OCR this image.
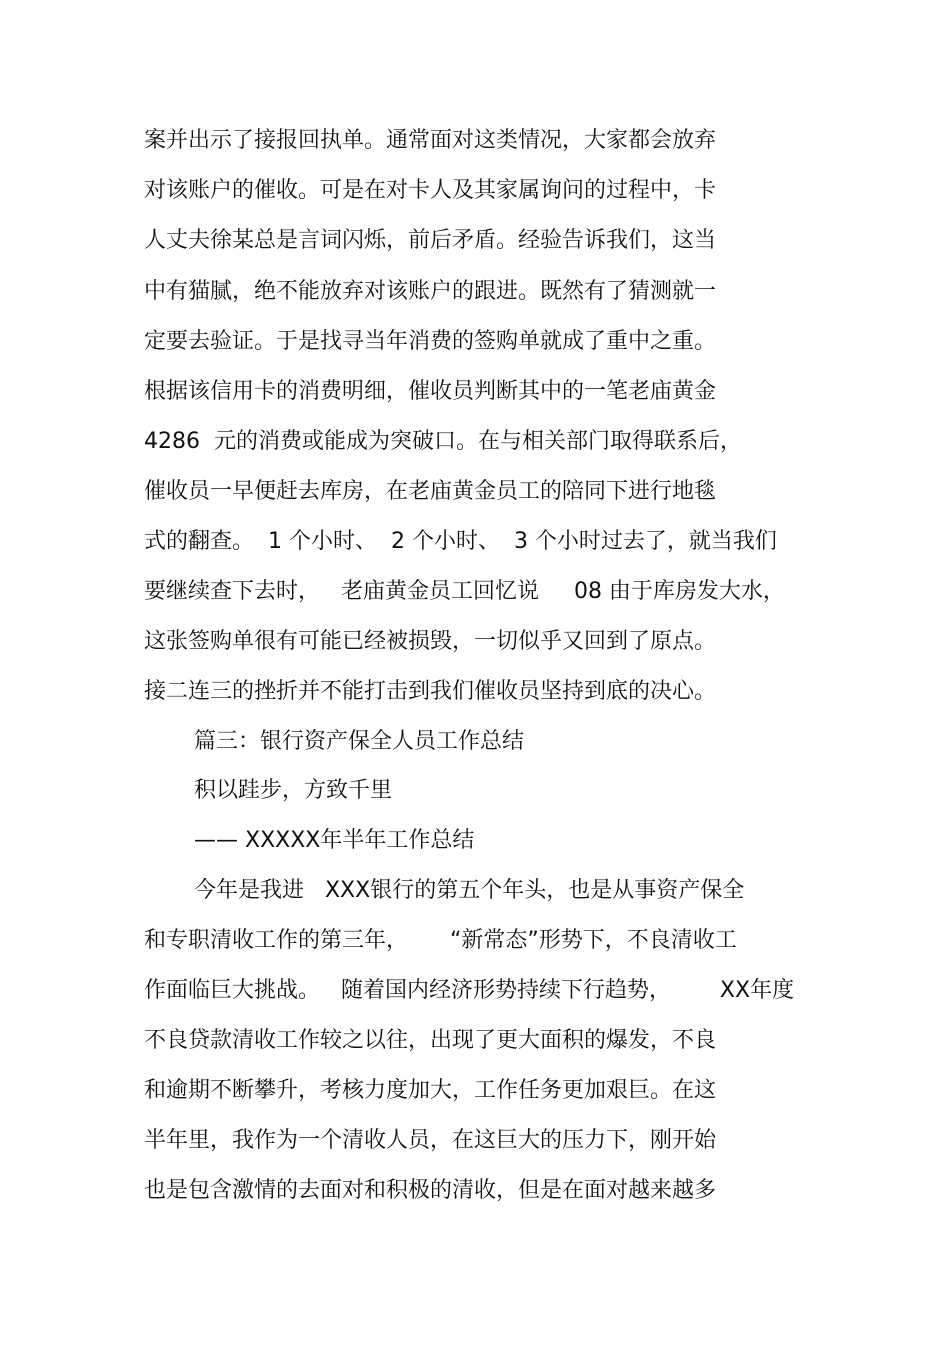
案并出示了接报回执单。通常面对这类情况，大家都会放弃
对该账户的催收。可是在对卡人及其家属询问的过程中，卡
人丈夫徐某总是言词闪烁，前后矛盾。经验告诉我们，这当
中有猫腻，绝不能放弃对该账户的跟进。既然有了猜测就一
定要去验证。于是找寻当年消费的签购单就成了重中之重。
根据该信用卡的消费明细，催收员判断其中的一笔老庙黄金
4286  元的消费或能成为突破口。在与相关部门取得联系后，
催收员一早便赶去库房，在老庙黄金员工的陪同下进行地毯
式的翻查。  1 个小时、  2 个小时、  3 个小时过去了，就当我们
要继续查下去时，   老庙黄金员工回忆说     08 由于库房发大水，
这张签购单很有可能已经被损毁，一切似乎又回到了原点。
接二连三的挫折并不能打击到我们催收员坚持到底的决心。
篇三：银行资产保全人员工作总结
积以跬步，方致千里
—— XXXXX年半年工作总结
今年是我进   XXX银行的第五个年头，也是从事资产保全
和专职清收工作的第三年，      “新常态”形势下，不良清收工
作面临巨大挑战。   随着国内经济形势持续下行趋势，       XX年度
不良贷款清收工作较之以往，出现了更大面积的爆发，不良
和逾期不断攀升，考核力度加大，工作任务更加艰巨。在这
半年里，我作为一个清收人员，在这巨大的压力下，刚开始
也是包含激情的去面对和积极的清收，但是在面对越来越多
